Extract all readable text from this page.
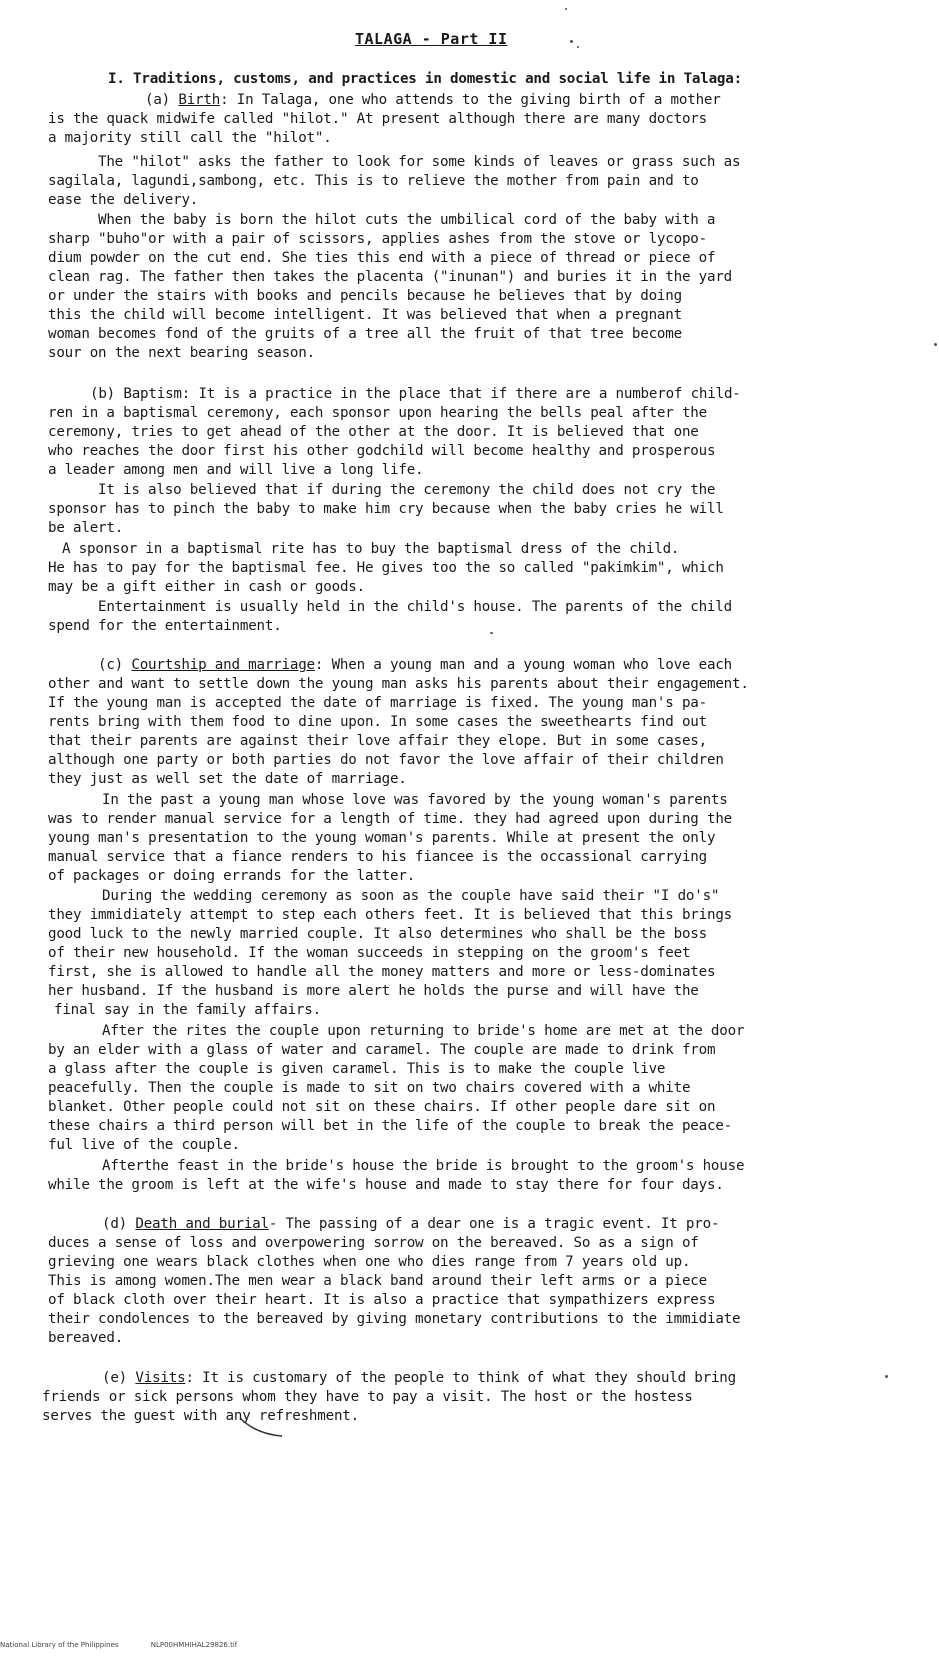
TALAGA - Part II
I. Traditions, customs, and practices in domestic and social life in Talaga:
(a) Birth: In Talaga, one who attends to the giving birth of a mother
is the quack midwife called "hilot." At present although there are many doctors
a majority still call the "hilot".
The "hilot" asks the father to look for some kinds of leaves or grass such as
sagilala, lagundi,sambong, etc. This is to relieve the mother from pain and to
ease the delivery.
When the baby is born the hilot cuts the umbilical cord of the baby with a
sharp "buho"or with a pair of scissors, applies ashes from the stove or lycopo-
dium powder on the cut end. She ties this end with a piece of thread or piece of
clean rag. The father then takes the placenta ("inunan") and buries it in the yard
or under the stairs with books and pencils because he believes that by doing
this the child will become intelligent. It was believed that when a pregnant
woman becomes fond of the gruits of a tree all the fruit of that tree become
sour on the next bearing season.
(b) Baptism: It is a practice in the place that if there are a numberof child-
ren in a baptismal ceremony, each sponsor upon hearing the bells peal after the
ceremony, tries to get ahead of the other at the door. It is believed that one
who reaches the door first his other godchild will become healthy and prosperous
a leader among men and will live a long life.
It is also believed that if during the ceremony the child does not cry the
sponsor has to pinch the baby to make him cry because when the baby cries he will
be alert.
A sponsor in a baptismal rite has to buy the baptismal dress of the child.
He has to pay for the baptismal fee. He gives too the so called "pakimkim", which
may be a gift either in cash or goods.
Entertainment is usually held in the child's house. The parents of the child
spend for the entertainment.
(c) Courtship and marriage: When a young man and a young woman who love each
other and want to settle down the young man asks his parents about their engagement.
If the young man is accepted the date of marriage is fixed. The young man's pa-
rents bring with them food to dine upon. In some cases the sweethearts find out
that their parents are against their love affair they elope. But in some cases,
although one party or both parties do not favor the love affair of their children
they just as well set the date of marriage.
In the past a young man whose love was favored by the young woman's parents
was to render manual service for a length of time. they had agreed upon during the
young man's presentation to the young woman's parents. While at present the only
manual service that a fiance renders to his fiancee is the occassional carrying
of packages or doing errands for the latter.
During the wedding ceremony as soon as the couple have said their "I do's"
they immidiately attempt to step each others feet. It is believed that this brings
good luck to the newly married couple. It also determines who shall be the boss
of their new household. If the woman succeeds in stepping on the groom's feet
first, she is allowed to handle all the money matters and more or less-dominates
her husband. If the husband is more alert he holds the purse and will have the
final say in the family affairs.
After the rites the couple upon returning to bride's home are met at the door
by an elder with a glass of water and caramel. The couple are made to drink from
a glass after the couple is given caramel. This is to make the couple live
peacefully. Then the couple is made to sit on two chairs covered with a white
blanket. Other people could not sit on these chairs. If other people dare sit on
these chairs a third person will bet in the life of the couple to break the peace-
ful live of the couple.
Afterthe feast in the bride's house the bride is brought to the groom's house
while the groom is left at the wife's house and made to stay there for four days.
(d) Death and burial- The passing of a dear one is a tragic event. It pro-
duces a sense of loss and overpowering sorrow on the bereaved. So as a sign of
grieving one wears black clothes when one who dies range from 7 years old up.
This is among women.The men wear a black band around their left arms or a piece
of black cloth over their heart. It is also a practice that sympathizers express
their condolences to the bereaved by giving monetary contributions to the immidiate
bereaved.
(e) Visits: It is customary of the people to think of what they should bring
friends or sick persons whom they have to pay a visit. The host or the hostess
serves the guest with any refreshment.
National Library of the Philippines	NLP00HMHIHAL29826.tif
